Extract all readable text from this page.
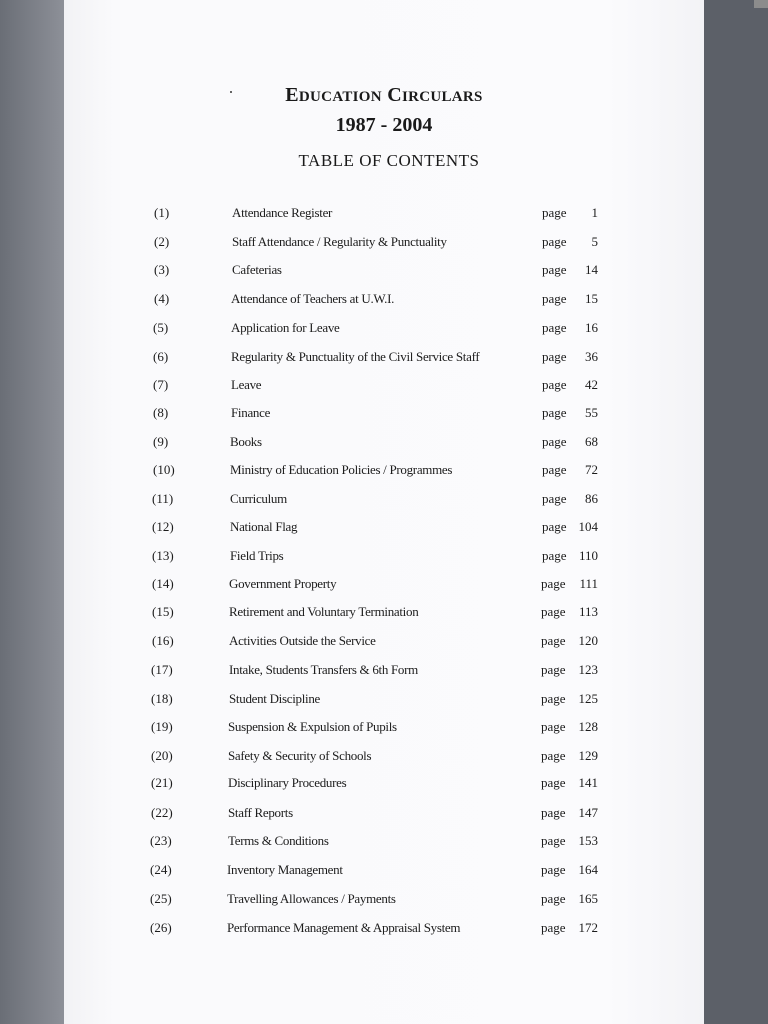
EDUCATION CIRCULARS
1987 - 2004
TABLE OF CONTENTS
(1)	Attendance Register	page	1
(2)	Staff Attendance / Regularity & Punctuality	page	5
(3)	Cafeterias	page	14
(4)	Attendance of Teachers at U.W.I.	page	15
(5)	Application for Leave	page	16
(6)	Regularity & Punctuality of the Civil Service Staff	page	36
(7)	Leave	page	42
(8)	Finance	page	55
(9)	Books	page	68
(10)	Ministry of Education Policies / Programmes	page	72
(11)	Curriculum	page	86
(12)	National Flag	page 104
(13)	Field Trips	page 110
(14)	Government Property	page	111
(15)	Retirement and Voluntary Termination	page	113
(16)	Activities Outside the Service	page 120
(17)	Intake, Students Transfers & 6th Form	page 123
(18)	Student Discipline	page 125
(19)	Suspension & Expulsion of Pupils	page 128
(20)	Safety & Security of Schools	page 129
(21)	Disciplinary Procedures	page 141
(22)	Staff Reports	page 147
(23)	Terms & Conditions	page 153
(24)	Inventory Management	page 164
(25)	Travelling Allowances / Payments	page 165
(26)	Performance Management & Appraisal System	page 172
